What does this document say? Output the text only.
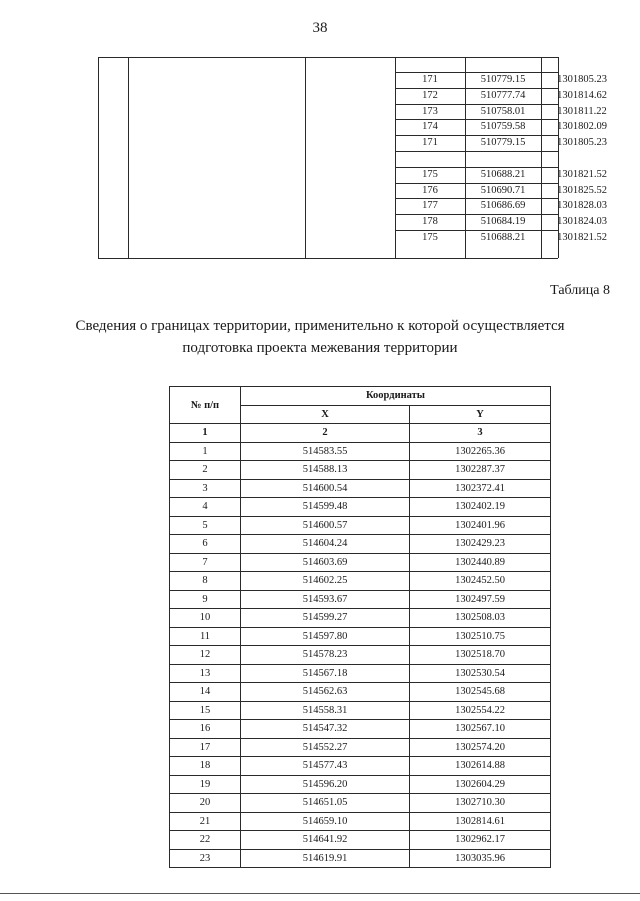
38
171	510779.15	1301805.23
172	510777.74	1301814.62
173	510758.01	1301811.22
174	510759.58	1301802.09
171	510779.15	1301805.23
175	510688.21	1301821.52
176	510690.71	1301825.52
177	510686.69	1301828.03
178	510684.19	1301824.03
175	510688.21	1301821.52
Таблица 8
Сведения о границах территории, применительно к которой осуществляется
подготовка проекта межевания территории
№ п/п	Координаты	
	X	Y
1	2	3
1	514583.55	1302265.36
2	514588.13	1302287.37
3	514600.54	1302372.41
4	514599.48	1302402.19
5	514600.57	1302401.96
6	514604.24	1302429.23
7	514603.69	1302440.89
8	514602.25	1302452.50
9	514593.67	1302497.59
10	514599.27	1302508.03
11	514597.80	1302510.75
12	514578.23	1302518.70
13	514567.18	1302530.54
14	514562.63	1302545.68
15	514558.31	1302554.22
16	514547.32	1302567.10
17	514552.27	1302574.20
18	514577.43	1302614.88
19	514596.20	1302604.29
20	514651.05	1302710.30
21	514659.10	1302814.61
22	514641.92	1302962.17
23	514619.91	1303035.96
